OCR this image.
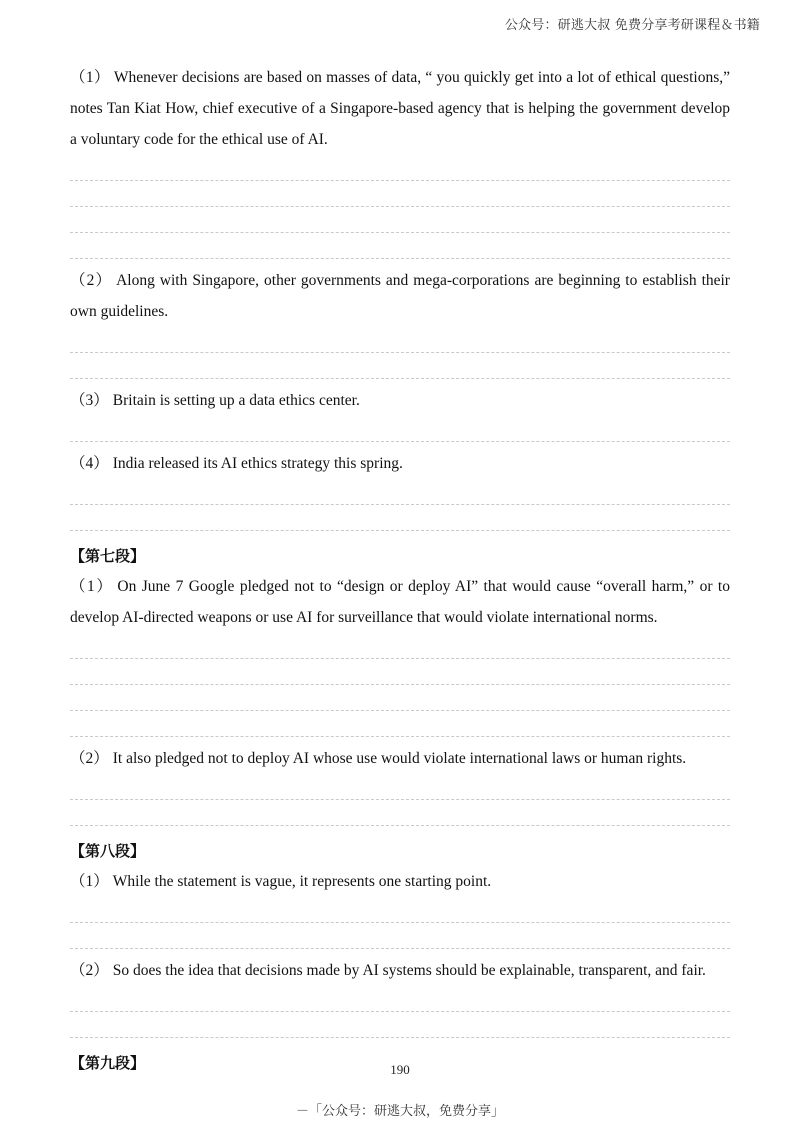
公众号：研逃大叔 免费分享考研课程＆书籍

（1） Whenever decisions are based on masses of data, “ you quickly get into a lot of ethical questions,” notes Tan Kiat How, chief executive of a Singapore-based agency that is helping the government develop a voluntary code for the ethical use of AI.

（2） Along with Singapore, other governments and mega-corporations are beginning to establish their own guidelines.

（3） Britain is setting up a data ethics center.

（4） India released its AI ethics strategy this spring.

【第七段】

（1） On June 7 Google pledged not to “design or deploy AI” that would cause “overall harm,” or to develop AI-directed weapons or use AI for surveillance that would violate international norms.

（2） It also pledged not to deploy AI whose use would violate international laws or human rights.

【第八段】

（1） While the statement is vague, it represents one starting point.

（2） So does the idea that decisions made by AI systems should be explainable, transparent, and fair.

【第九段】	190
－「公众号：研逃大叔，免费分享」
